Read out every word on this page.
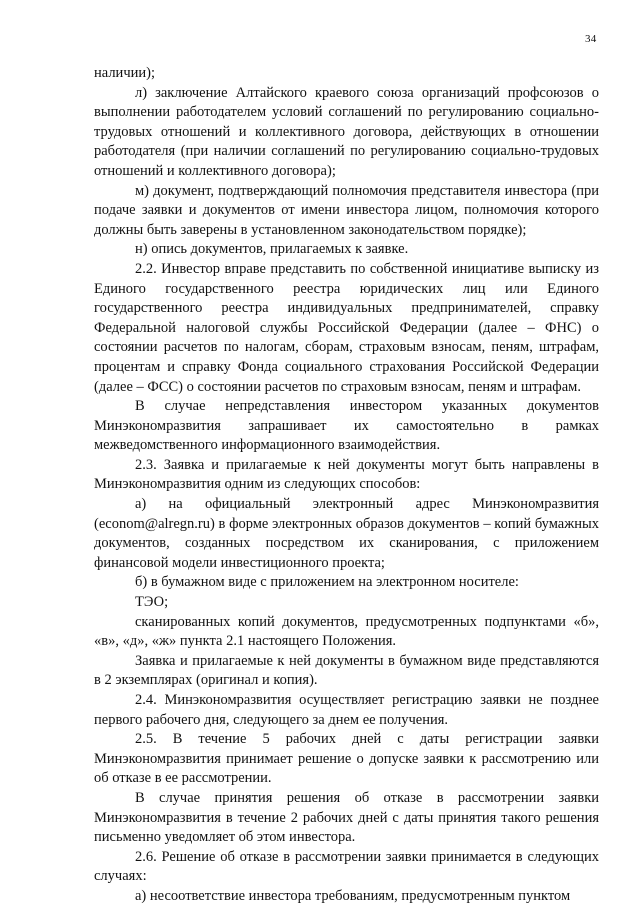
34

наличии);

л) заключение Алтайского краевого союза организаций профсоюзов о выполнении работодателем условий соглашений по регулированию социально-трудовых отношений и коллективного договора, действующих в отношении работодателя (при наличии соглашений по регулированию социально-трудовых отношений и коллективного договора);

м) документ, подтверждающий полномочия представителя инвестора (при подаче заявки и документов от имени инвестора лицом, полномочия которого должны быть заверены в установленном законодательством порядке);

н) опись документов, прилагаемых к заявке.

2.2. Инвестор вправе представить по собственной инициативе выписку из Единого государственного реестра юридических лиц или Единого государственного реестра индивидуальных предпринимателей, справку Федеральной налоговой службы Российской Федерации (далее – ФНС) о состоянии расчетов по налогам, сборам, страховым взносам, пеням, штрафам, процентам и справку Фонда социального страхования Российской Федерации (далее – ФСС) о состоянии расчетов по страховым взносам, пеням и штрафам.

В случае непредставления инвестором указанных документов Минэкономразвития запрашивает их самостоятельно в рамках межведомственного информационного взаимодействия.

2.3. Заявка и прилагаемые к ней документы могут быть направлены в Минэкономразвития одним из следующих способов:

а) на официальный электронный адрес Минэкономразвития (econom@alregn.ru) в форме электронных образов документов – копий бумажных документов, созданных посредством их сканирования, с приложением финансовой модели инвестиционного проекта;

б) в бумажном виде с приложением на электронном носителе:

ТЭО;

сканированных копий документов, предусмотренных подпунктами «б», «в», «д», «ж» пункта 2.1 настоящего Положения.

Заявка и прилагаемые к ней документы в бумажном виде представляются в 2 экземплярах (оригинал и копия).

2.4. Минэкономразвития осуществляет регистрацию заявки не позднее первого рабочего дня, следующего за днем ее получения.

2.5. В течение 5 рабочих дней с даты регистрации заявки Минэкономразвития принимает решение о допуске заявки к рассмотрению или об отказе в ее рассмотрении.

В случае принятия решения об отказе в рассмотрении заявки Минэкономразвития в течение 2 рабочих дней с даты принятия такого решения письменно уведомляет об этом инвестора.

2.6. Решение об отказе в рассмотрении заявки принимается в следующих случаях:

а) несоответствие инвестора требованиям, предусмотренным пунктом
